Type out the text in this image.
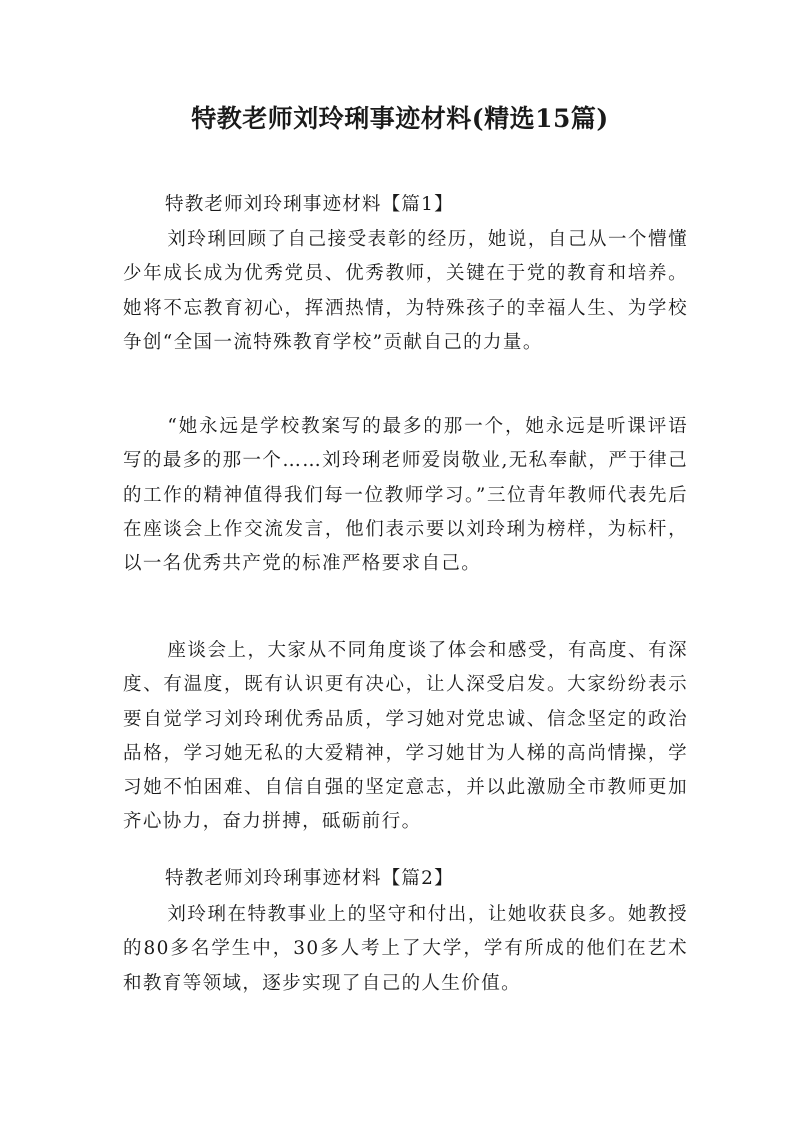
特教老师刘玲琍事迹材料(精选15篇)

特教老师刘玲琍事迹材料【篇1】

刘玲琍回顾了自己接受表彰的经历，她说，自己从一个懵懂少年成长成为优秀党员、优秀教师，关键在于党的教育和培养。她将不忘教育初心，挥洒热情，为特殊孩子的幸福人生、为学校争创“全国一流特殊教育学校”贡献自己的力量。

“她永远是学校教案写的最多的那一个，她永远是听课评语写的最多的那一个……刘玲琍老师爱岗敬业,无私奉献，严于律己的工作的精神值得我们每一位教师学习。”三位青年教师代表先后在座谈会上作交流发言，他们表示要以刘玲琍为榜样，为标杆，以一名优秀共产党的标准严格要求自己。

座谈会上，大家从不同角度谈了体会和感受，有高度、有深度、有温度，既有认识更有决心，让人深受启发。大家纷纷表示要自觉学习刘玲琍优秀品质，学习她对党忠诚、信念坚定的政治品格，学习她无私的大爱精神，学习她甘为人梯的高尚情操，学习她不怕困难、自信自强的坚定意志，并以此激励全市教师更加齐心协力，奋力拼搏，砥砺前行。

特教老师刘玲琍事迹材料【篇2】

刘玲琍在特教事业上的坚守和付出，让她收获良多。她教授的80多名学生中，30多人考上了大学，学有所成的他们在艺术和教育等领域，逐步实现了自己的人生价值。
